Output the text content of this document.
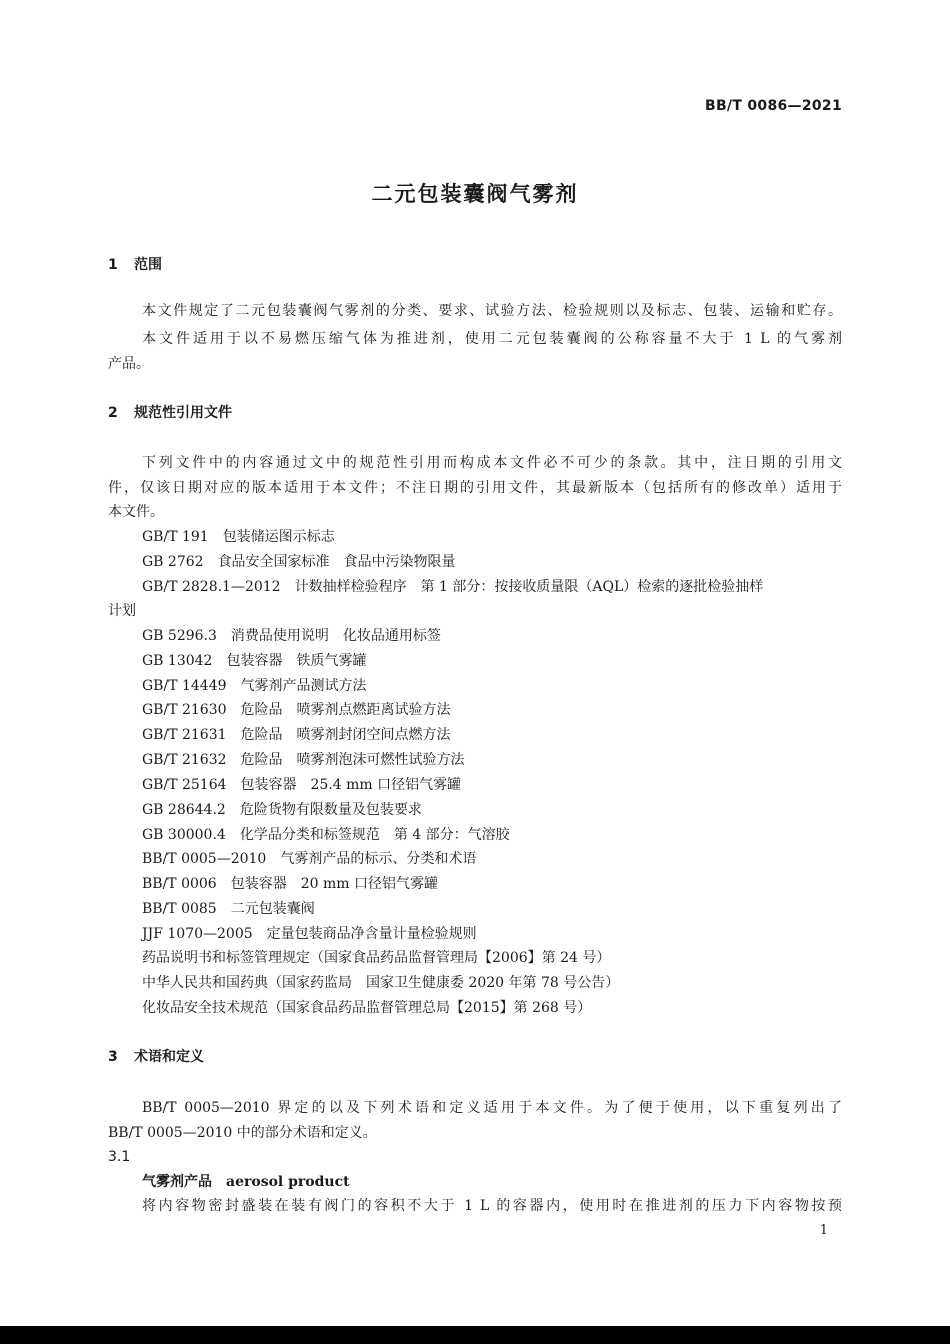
BB/T 0086—2021
二元包装囊阀气雾剂
1 范围
本文件规定了二元包装囊阀气雾剂的分类、要求、试验方法、检验规则以及标志、包装、运输和贮存。
本文件适用于以不易燃压缩气体为推进剂，使用二元包装囊阀的公称容量不大于 1 L 的气雾剂
产品。
2 规范性引用文件
下列文件中的内容通过文中的规范性引用而构成本文件必不可少的条款。其中，注日期的引用文
件，仅该日期对应的版本适用于本文件；不注日期的引用文件，其最新版本（包括所有的修改单）适用于
本文件。
GB/T 191 包装储运图示标志
GB 2762 食品安全国家标准　食品中污染物限量
GB/T 2828.1—2012 计数抽样检验程序　第 1 部分：按接收质量限（AQL）检索的逐批检验抽样
计划
GB 5296.3 消费品使用说明　化妆品通用标签
GB 13042 包装容器　铁质气雾罐
GB/T 14449 气雾剂产品测试方法
GB/T 21630 危险品　喷雾剂点燃距离试验方法
GB/T 21631 危险品　喷雾剂封闭空间点燃方法
GB/T 21632 危险品　喷雾剂泡沫可燃性试验方法
GB/T 25164 包装容器　25.4 mm 口径铝气雾罐
GB 28644.2 危险货物有限数量及包装要求
GB 30000.4 化学品分类和标签规范　第 4 部分：气溶胶
BB/T 0005—2010 气雾剂产品的标示、分类和术语
BB/T 0006 包装容器　20 mm 口径铝气雾罐
BB/T 0085 二元包装囊阀
JJF 1070—2005 定量包装商品净含量计量检验规则
药品说明书和标签管理规定（国家食品药品监督管理局【2006】第 24 号）
中华人民共和国药典（国家药监局　国家卫生健康委 2020 年第 78 号公告）
化妆品安全技术规范（国家食品药品监督管理总局【2015】第 268 号）
3 术语和定义
BB/T 0005—2010 界定的以及下列术语和定义适用于本文件。为了便于使用，以下重复列出了
BB/T 0005—2010 中的部分术语和定义。
3.1
气雾剂产品 aerosol product
将内容物密封盛装在装有阀门的容积不大于 1 L 的容器内，使用时在推进剂的压力下内容物按预
1
